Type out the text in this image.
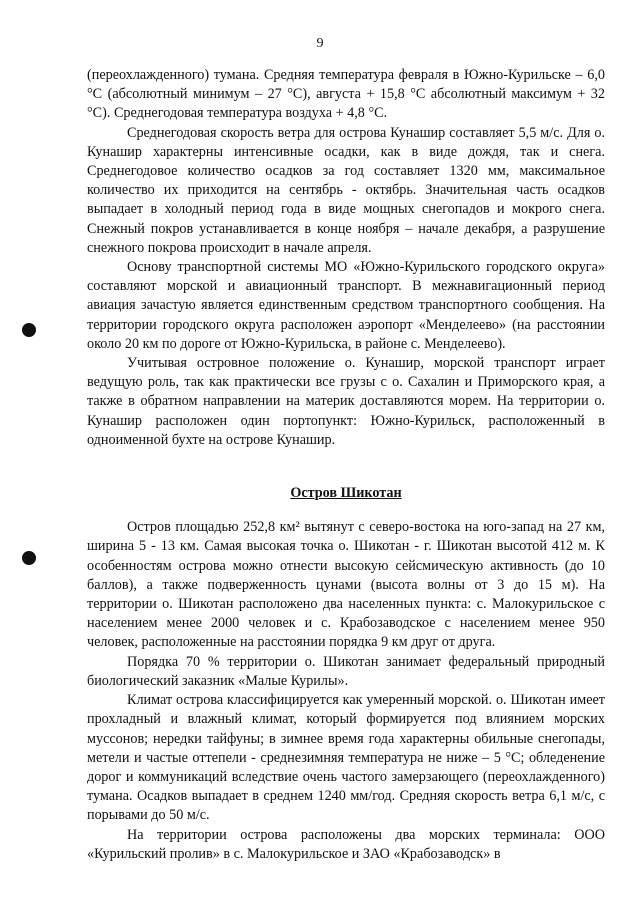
9

(переохлажденного) тумана. Средняя температура февраля в Южно-Курильске – 6,0 °С (абсолютный минимум – 27 °С), августа + 15,8 °С абсолютный максимум + 32 °С). Среднегодовая температура воздуха + 4,8 °С.

Среднегодовая скорость ветра для острова Кунашир составляет 5,5 м/с. Для о. Кунашир характерны интенсивные осадки, как в виде дождя, так и снега. Среднегодовое количество осадков за год составляет 1320 мм, максимальное количество их приходится на сентябрь - октябрь. Значительная часть осадков выпадает в холодный период года в виде мощных снегопадов и мокрого снега. Снежный покров устанавливается в конце ноября – начале декабря, а разрушение снежного покрова происходит в начале апреля.

Основу транспортной системы МО «Южно-Курильского городского округа» составляют морской и авиационный транспорт. В межнавигационный период авиация зачастую является единственным средством транспортного сообщения. На территории городского округа расположен аэропорт «Менделеево» (на расстоянии около 20 км по дороге от Южно-Курильска, в районе с. Менделеево).

Учитывая островное положение о. Кунашир, морской транспорт играет ведущую роль, так как практически все грузы с о. Сахалин и Приморского края, а также в обратном направлении на материк доставляются морем. На территории о. Кунашир расположен один портопункт: Южно-Курильск, расположенный в одноименной бухте на острове Кунашир.

Остров Шикотан

Остров площадью 252,8 км² вытянут с северо-востока на юго-запад на 27 км, ширина 5 - 13 км. Самая высокая точка о. Шикотан - г. Шикотан высотой 412 м. К особенностям острова можно отнести высокую сейсмическую активность (до 10 баллов), а также подверженность цунами (высота волны от 3 до 15 м). На территории о. Шикотан расположено два населенных пункта: с. Малокурильское с населением менее 2000 человек и с. Крабозаводское с населением менее 950 человек, расположенные на расстоянии порядка 9 км друг от друга.

Порядка 70 % территории о. Шикотан занимает федеральный природный биологический заказник «Малые Курилы».

Климат острова классифицируется как умеренный морской. о. Шикотан имеет прохладный и влажный климат, который формируется под влиянием морских муссонов; нередки тайфуны; в зимнее время года характерны обильные снегопады, метели и частые оттепели - среднезимняя температура не ниже – 5 °С; обледенение дорог и коммуникаций вследствие очень частого замерзающего (переохлажденного) тумана. Осадков выпадает в среднем 1240 мм/год. Средняя скорость ветра 6,1 м/с, с порывами до 50 м/с.

На территории острова расположены два морских терминала: ООО «Курильский пролив» в с. Малокурильское и ЗАО «Крабозаводск» в
